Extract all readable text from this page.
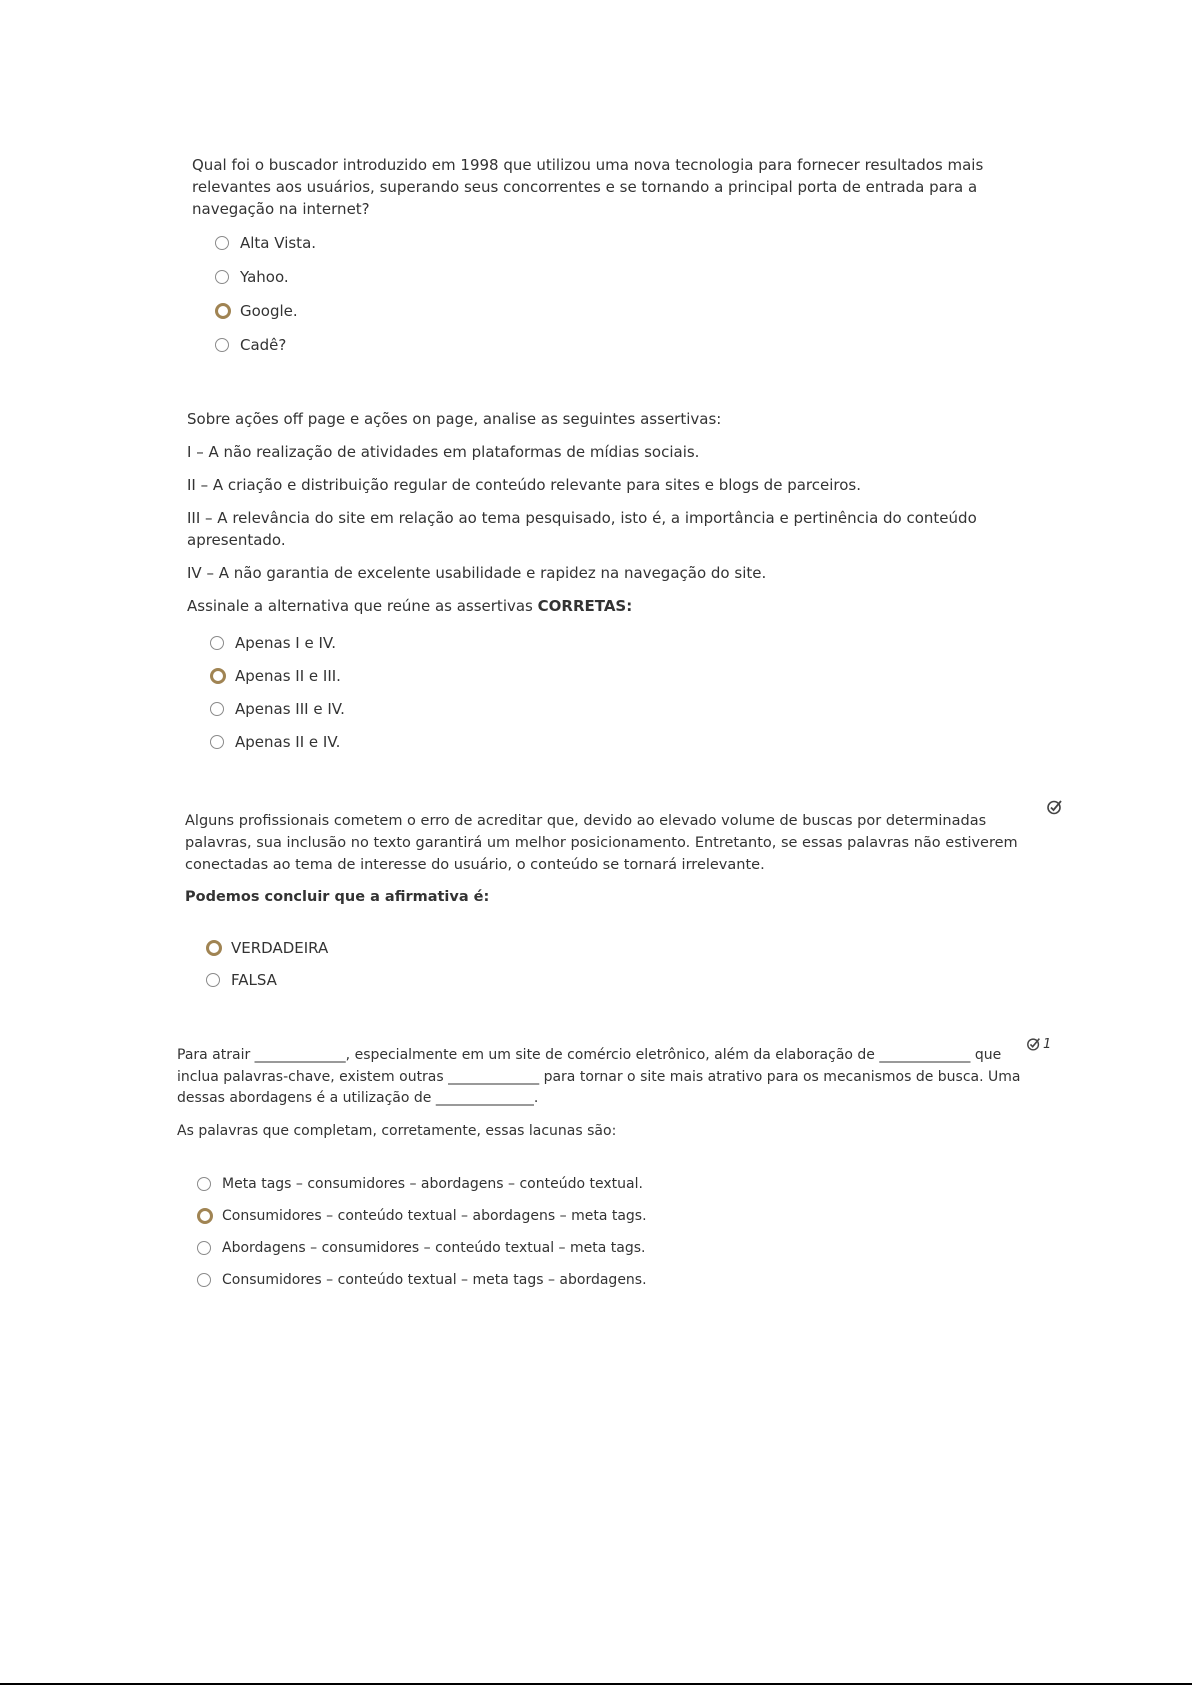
Qual foi o buscador introduzido em 1998 que utilizou uma nova tecnologia para fornecer resultados mais relevantes aos usuários, superando seus concorrentes e se tornando a principal porta de entrada para a navegação na internet?

Alta Vista.
Yahoo.
Google.
Cadê?

Sobre ações off page e ações on page, analise as seguintes assertivas:

I – A não realização de atividades em plataformas de mídias sociais.

II – A criação e distribuição regular de conteúdo relevante para sites e blogs de parceiros.

III – A relevância do site em relação ao tema pesquisado, isto é, a importância e pertinência do conteúdo apresentado.

IV – A não garantia de excelente usabilidade e rapidez na navegação do site.

Assinale a alternativa que reúne as assertivas CORRETAS:

Apenas I e IV.
Apenas II e III.
Apenas III e IV.
Apenas II e IV.

Alguns profissionais cometem o erro de acreditar que, devido ao elevado volume de buscas por determinadas palavras, sua inclusão no texto garantirá um melhor posicionamento. Entretanto, se essas palavras não estiverem conectadas ao tema de interesse do usuário, o conteúdo se tornará irrelevante.

Podemos concluir que a afirmativa é:

VERDADEIRA
FALSA
1

Para atrair _____________, especialmente em um site de comércio eletrônico, além da elaboração de _____________ que inclua palavras-chave, existem outras _____________ para tornar o site mais atrativo para os mecanismos de busca. Uma dessas abordagens é a utilização de ______________.

As palavras que completam, corretamente, essas lacunas são:

Meta tags – consumidores – abordagens – conteúdo textual.
Consumidores – conteúdo textual – abordagens – meta tags.
Abordagens – consumidores – conteúdo textual – meta tags.
Consumidores – conteúdo textual – meta tags – abordagens.
